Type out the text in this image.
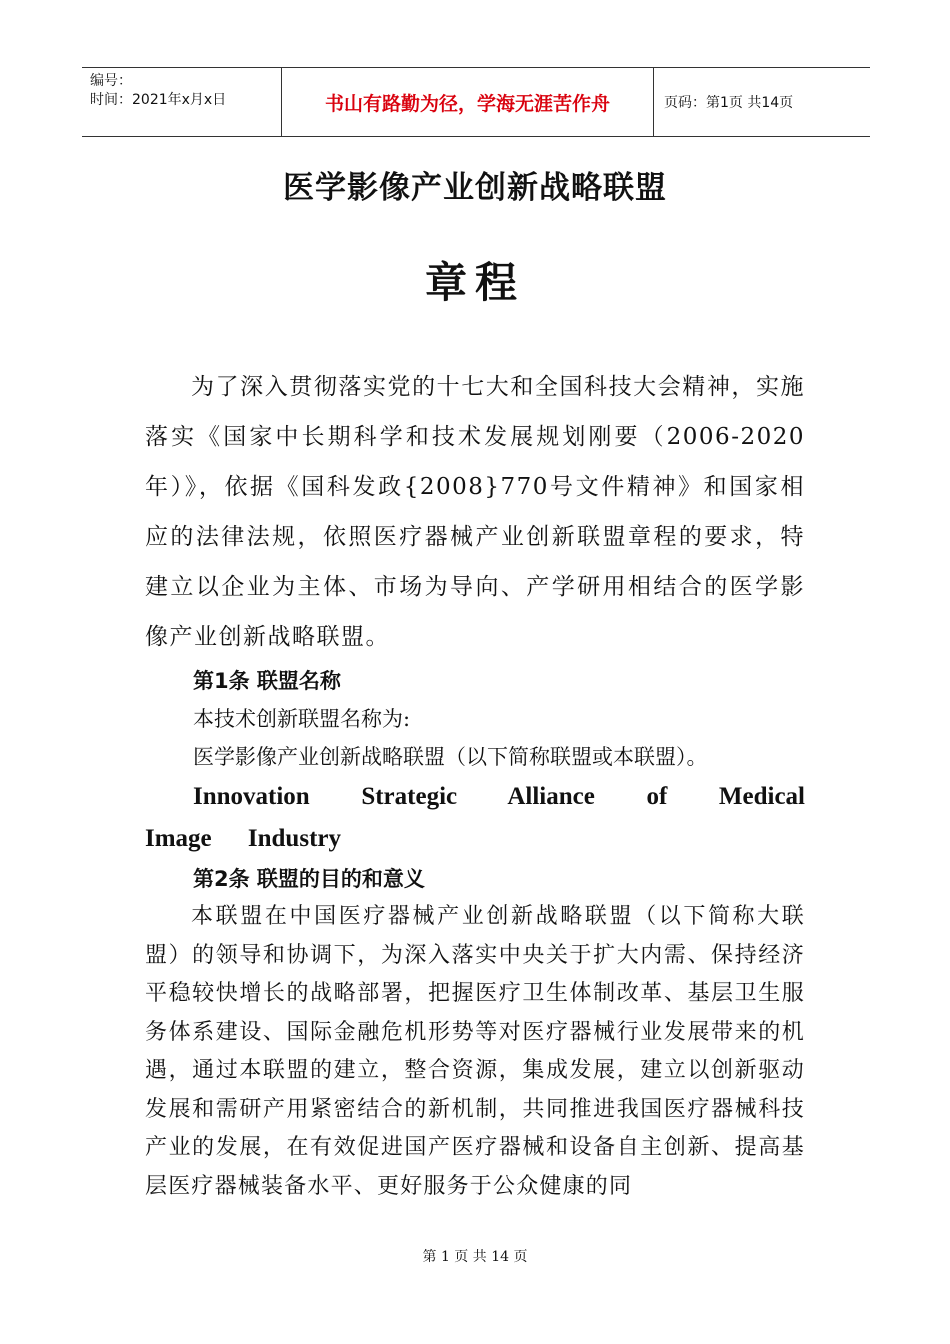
编号：
时间：2021年x月x日	书山有路勤为径，学海无涯苦作舟	页码：第1页 共14页
医学影像产业创新战略联盟
章程

为了深入贯彻落实党的十七大和全国科技大会精神，实施落实《国家中长期科学和技术发展规划刚要（2006-2020年）》，依据《国科发政{2008}770号文件精神》和国家相应的法律法规，依照医疗器械产业创新联盟章程的要求，特建立以企业为主体、市场为导向、产学研用相结合的医学影像产业创新战略联盟。

第1条 联盟名称

本技术创新联盟名称为:

医学影像产业创新战略联盟（以下简称联盟或本联盟）。

Innovation Strategic Alliance of Medical Image Industry

第2条 联盟的目的和意义

本联盟在中国医疗器械产业创新战略联盟（以下简称大联盟）的领导和协调下，为深入落实中央关于扩大内需、保持经济平稳较快增长的战略部署，把握医疗卫生体制改革、基层卫生服务体系建设、国际金融危机形势等对医疗器械行业发展带来的机遇，通过本联盟的建立，整合资源，集成发展，建立以创新驱动发展和需研产用紧密结合的新机制，共同推进我国医疗器械科技产业的发展，在有效促进国产医疗器械和设备自主创新、提高基层医疗器械装备水平、更好服务于公众健康的同

第 1 页 共 14 页
